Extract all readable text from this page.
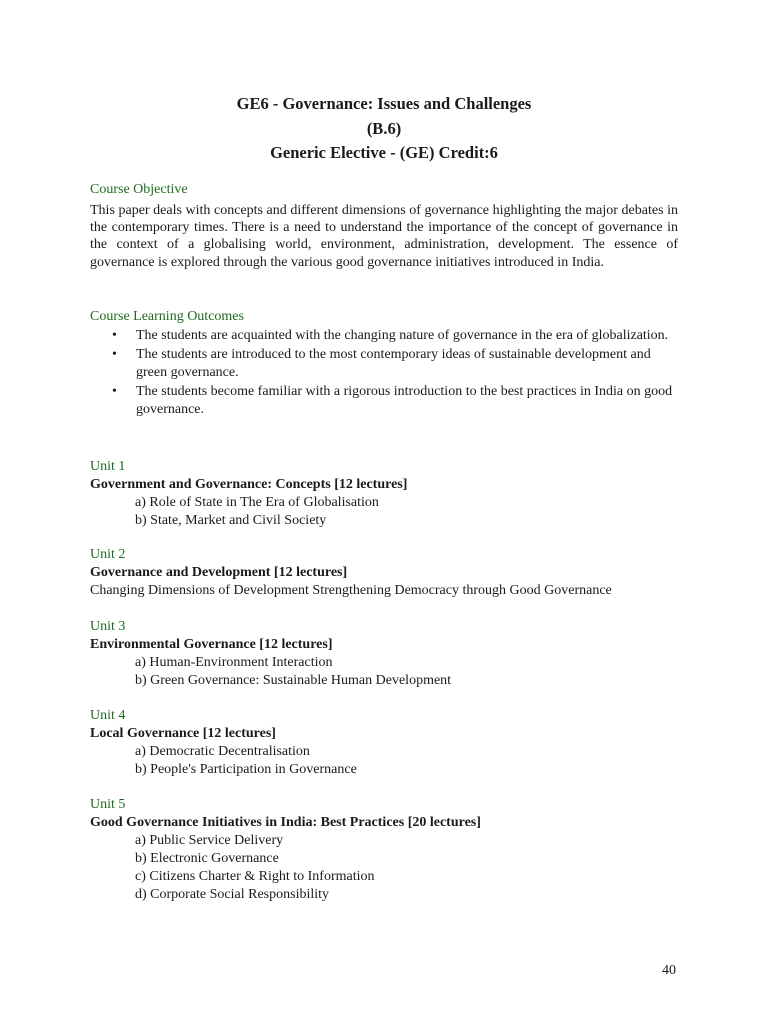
GE6 - Governance: Issues and Challenges
(B.6)
Generic Elective - (GE) Credit:6
Course Objective

This paper deals with concepts and different dimensions of governance highlighting the major debates in the contemporary times. There is a need to understand the importance of the concept of governance in the context of a globalising world, environment, administration, development. The essence of governance is explored through the various good governance initiatives introduced in India.

Course Learning Outcomes
• The students are acquainted with the changing nature of governance in the era of globalization.
• The students are introduced to the most contemporary ideas of sustainable development and green governance.
• The students become familiar with a rigorous introduction to the best practices in India on good governance.
Unit 1
Government and Governance: Concepts [12 lectures]
a) Role of State in The Era of Globalisation
b) State, Market and Civil Society
Unit 2
Governance and Development [12 lectures]
Changing Dimensions of Development Strengthening Democracy through Good Governance
Unit 3
Environmental Governance [12 lectures]
a) Human-Environment Interaction
b) Green Governance: Sustainable Human Development
Unit 4
Local Governance [12 lectures]
a) Democratic Decentralisation
b) People's Participation in Governance
Unit 5
Good Governance Initiatives in India: Best Practices [20 lectures]
a) Public Service Delivery
b) Electronic Governance
c) Citizens Charter & Right to Information
d) Corporate Social Responsibility
40
